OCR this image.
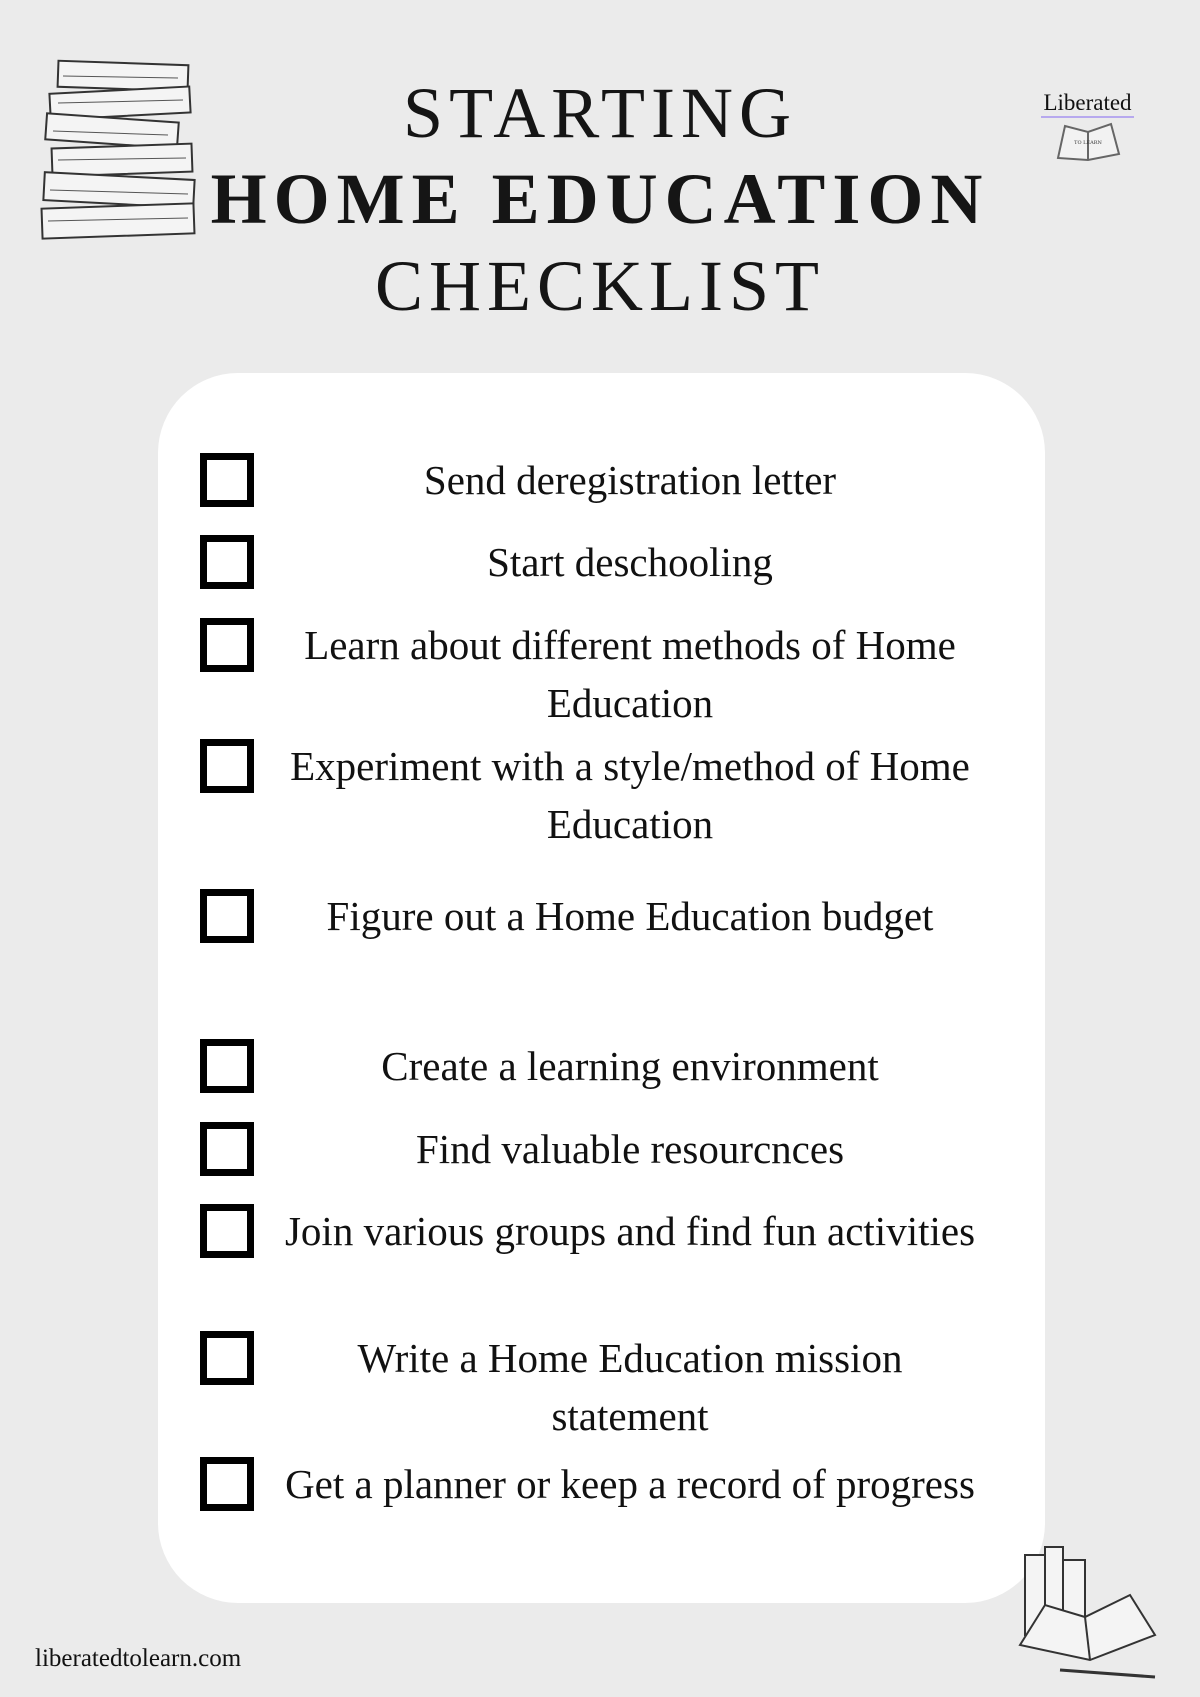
STARTING
HOME EDUCATION
CHECKLIST
Liberated
TO LEARN
Send deregistration letter
Start deschooling
Learn about different methods of Home Education
Experiment with a style/method of Home Education
Figure out a Home Education budget
Create a learning environment
Find valuable resourcnces
Join various groups and find fun activities
Write a Home Education mission statement
Get a planner or keep a record of progress
liberatedtolearn.com
